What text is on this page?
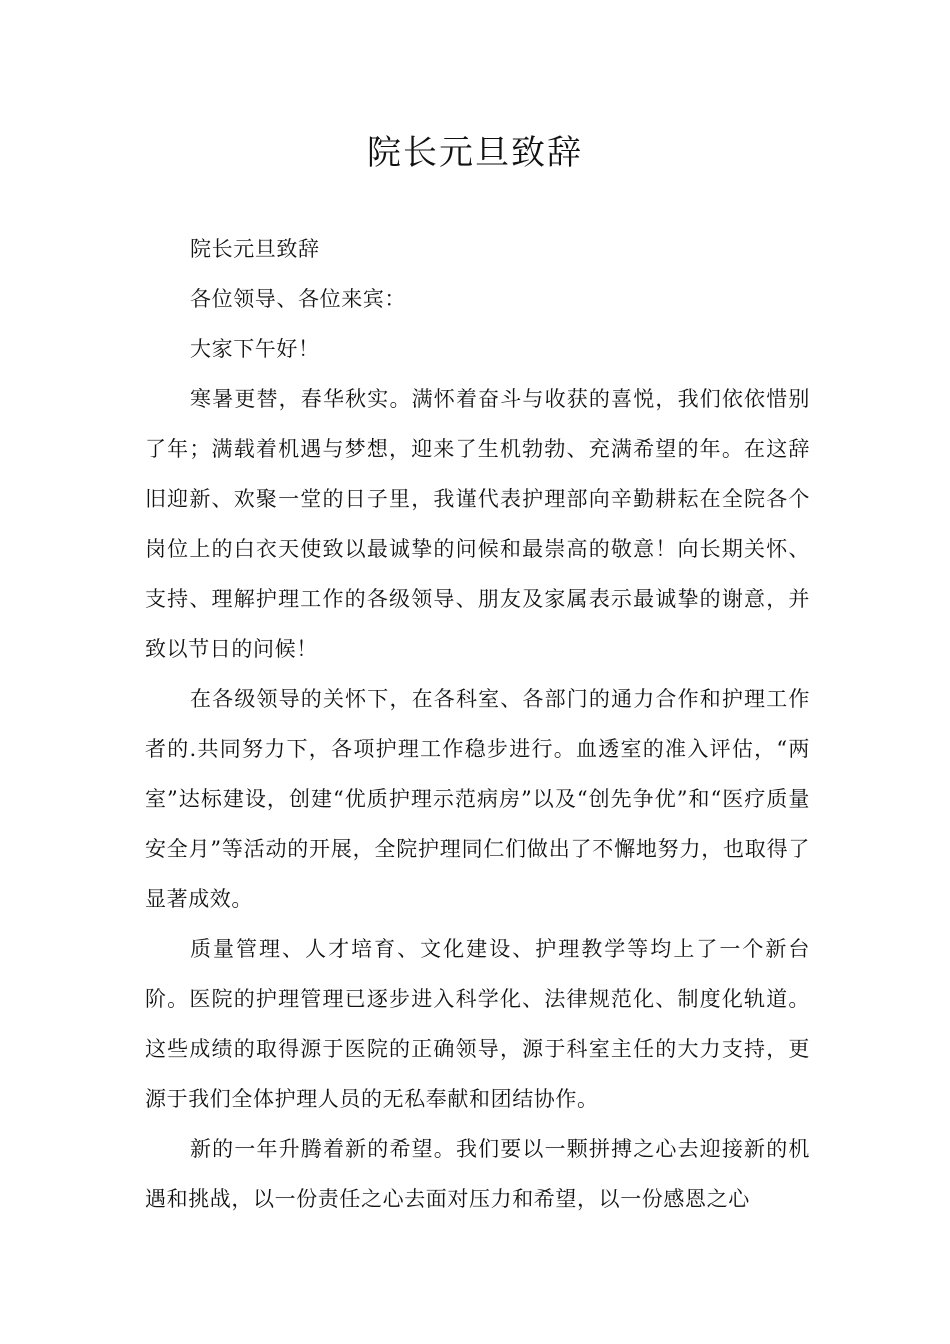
院长元旦致辞

院长元旦致辞

各位领导、各位来宾：

大家下午好！

寒暑更替，春华秋实。满怀着奋斗与收获的喜悦，我们依依惜别了年；满载着机遇与梦想，迎来了生机勃勃、充满希望的年。在这辞旧迎新、欢聚一堂的日子里，我谨代表护理部向辛勤耕耘在全院各个岗位上的白衣天使致以最诚挚的问候和最崇高的敬意！向长期关怀、支持、理解护理工作的各级领导、朋友及家属表示最诚挚的谢意，并致以节日的问候！

在各级领导的关怀下，在各科室、各部门的通力合作和护理工作者的.共同努力下，各项护理工作稳步进行。血透室的准入评估，“两室”达标建设，创建“优质护理示范病房”以及“创先争优”和“医疗质量安全月”等活动的开展，全院护理同仁们做出了不懈地努力，也取得了显著成效。

质量管理、人才培育、文化建设、护理教学等均上了一个新台阶。医院的护理管理已逐步进入科学化、法律规范化、制度化轨道。这些成绩的取得源于医院的正确领导，源于科室主任的大力支持，更源于我们全体护理人员的无私奉献和团结协作。

新的一年升腾着新的希望。我们要以一颗拼搏之心去迎接新的机遇和挑战，以一份责任之心去面对压力和希望，以一份感恩之心
